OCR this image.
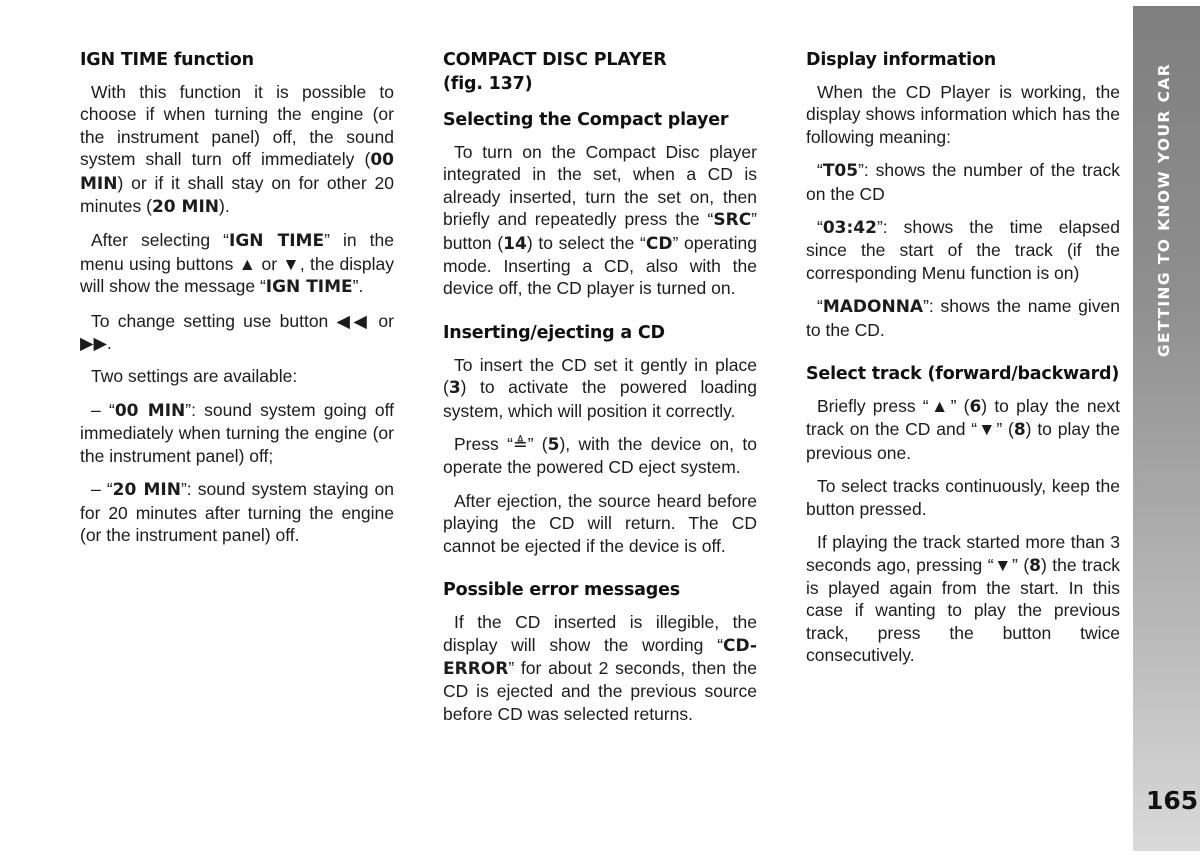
IGN TIME function

With this function it is possible to choose if when turning the engine (or the instrument panel) off, the sound system shall turn off immediately (00 MIN) or if it shall stay on for other 20 minutes (20 MIN).

After selecting “IGN TIME” in the menu using buttons ▲ or ▼, the display will show the message “IGN TIME”.

To change setting use button ◀◀ or ▶▶.

Two settings are available:

– “00 MIN”: sound system going off immediately when turning the engine (or the instrument panel) off;

– “20 MIN”: sound system staying on for 20 minutes after turning the engine (or the instrument panel) off.

COMPACT DISC PLAYER
(fig. 137)
Selecting the Compact player

To turn on the Compact Disc player integrated in the set, when a CD is already inserted, turn the set on, then briefly and repeatedly press the “SRC” button (14) to select the “CD” operating mode. Inserting a CD, also with the device off, the CD player is turned on.

Inserting/ejecting a CD

To insert the CD set it gently in place (3) to activate the powered loading system, which will position it correctly.

Press “≜” (5), with the device on, to operate the powered CD eject system.

After ejection, the source heard before playing the CD will return. The CD cannot be ejected if the device is off.

Possible error messages

If the CD inserted is illegible, the display will show the wording “CD-ERROR” for about 2 seconds, then the CD is ejected and the previous source before CD was selected returns.

Display information

When the CD Player is working, the display shows information which has the following meaning:

“T05”: shows the number of the track on the CD

“03:42”: shows the time elapsed since the start of the track (if the corresponding Menu function is on)

“MADONNA”: shows the name given to the CD.

Select track (forward/backward)

Briefly press “▲” (6) to play the next track on the CD and “▼” (8) to play the previous one.

To select tracks continuously, keep the button pressed.

If playing the track started more than 3 seconds ago, pressing “▼” (8) the track is played again from the start. In this case if wanting to play the previous track, press the button twice consecutively.

GETTING TO KNOW YOUR CAR
165
